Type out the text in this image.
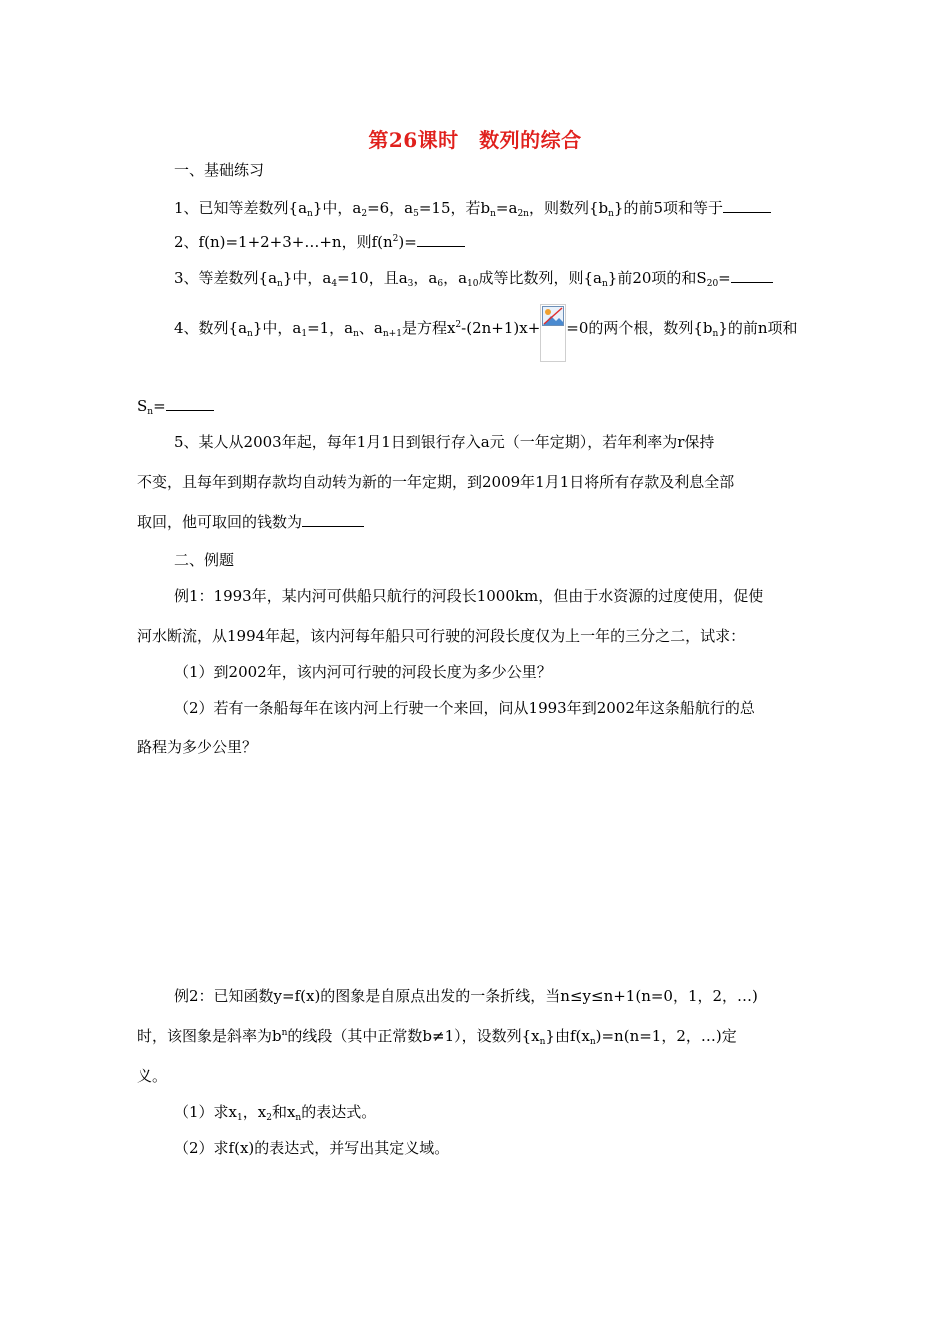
第26课时　数列的综合
一、基础练习
1、已知等差数列$\{a_n\}$中，$a_2=6$，$a_5=15$，若$b_n=a_{2n}$，则数列$\{b_n\}$的前5项和等于
2、f(n)=1+2+3+…+n，则$f(n^2)=$
3、等差数列$\{a_n\}$中，$a_4=10$，且$a_3$，$a_6$，$a_{10}$成等比数列，则$\{a_n\}$前20项的和$S_{20}=$
4、数列$\{a_n\}$中，$a_1=1$，$a_n$、$a_{n+1}$是方程$x^2-(2n+1)x+ =0$的两个根，数列$\{b_n\}$的前n项和
$S_n=$
5、某人从2003年起，每年1月1日到银行存入a元（一年定期），若年利率为r保持
不变，且每年到期存款均自动转为新的一年定期，到2009年1月1日将所有存款及利息全部
取回，他可取回的钱数为
二、例题
例1：1993年，某内河可供船只航行的河段长1000km，但由于水资源的过度使用，促使
河水断流，从1994年起，该内河每年船只可行驶的河段长度仅为上一年的三分之二，试求：
（1）到2002年，该内河可行驶的河段长度为多少公里？
（2）若有一条船每年在该内河上行驶一个来回，问从1993年到2002年这条船航行的总
路程为多少公里？
例2：已知函数y=f(x)的图象是自原点出发的一条折线，当n≤y≤n+1(n=0，1，2，…)
时，该图象是斜率为$b^n$的线段（其中正常数b≠1），设数列$\{x_n\}$由$f(x_n)=n(n=1$，2，…)定
义。
（1）求$x_1$，$x_2$和$x_n$的表达式。
（2）求f(x)的表达式，并写出其定义域。
